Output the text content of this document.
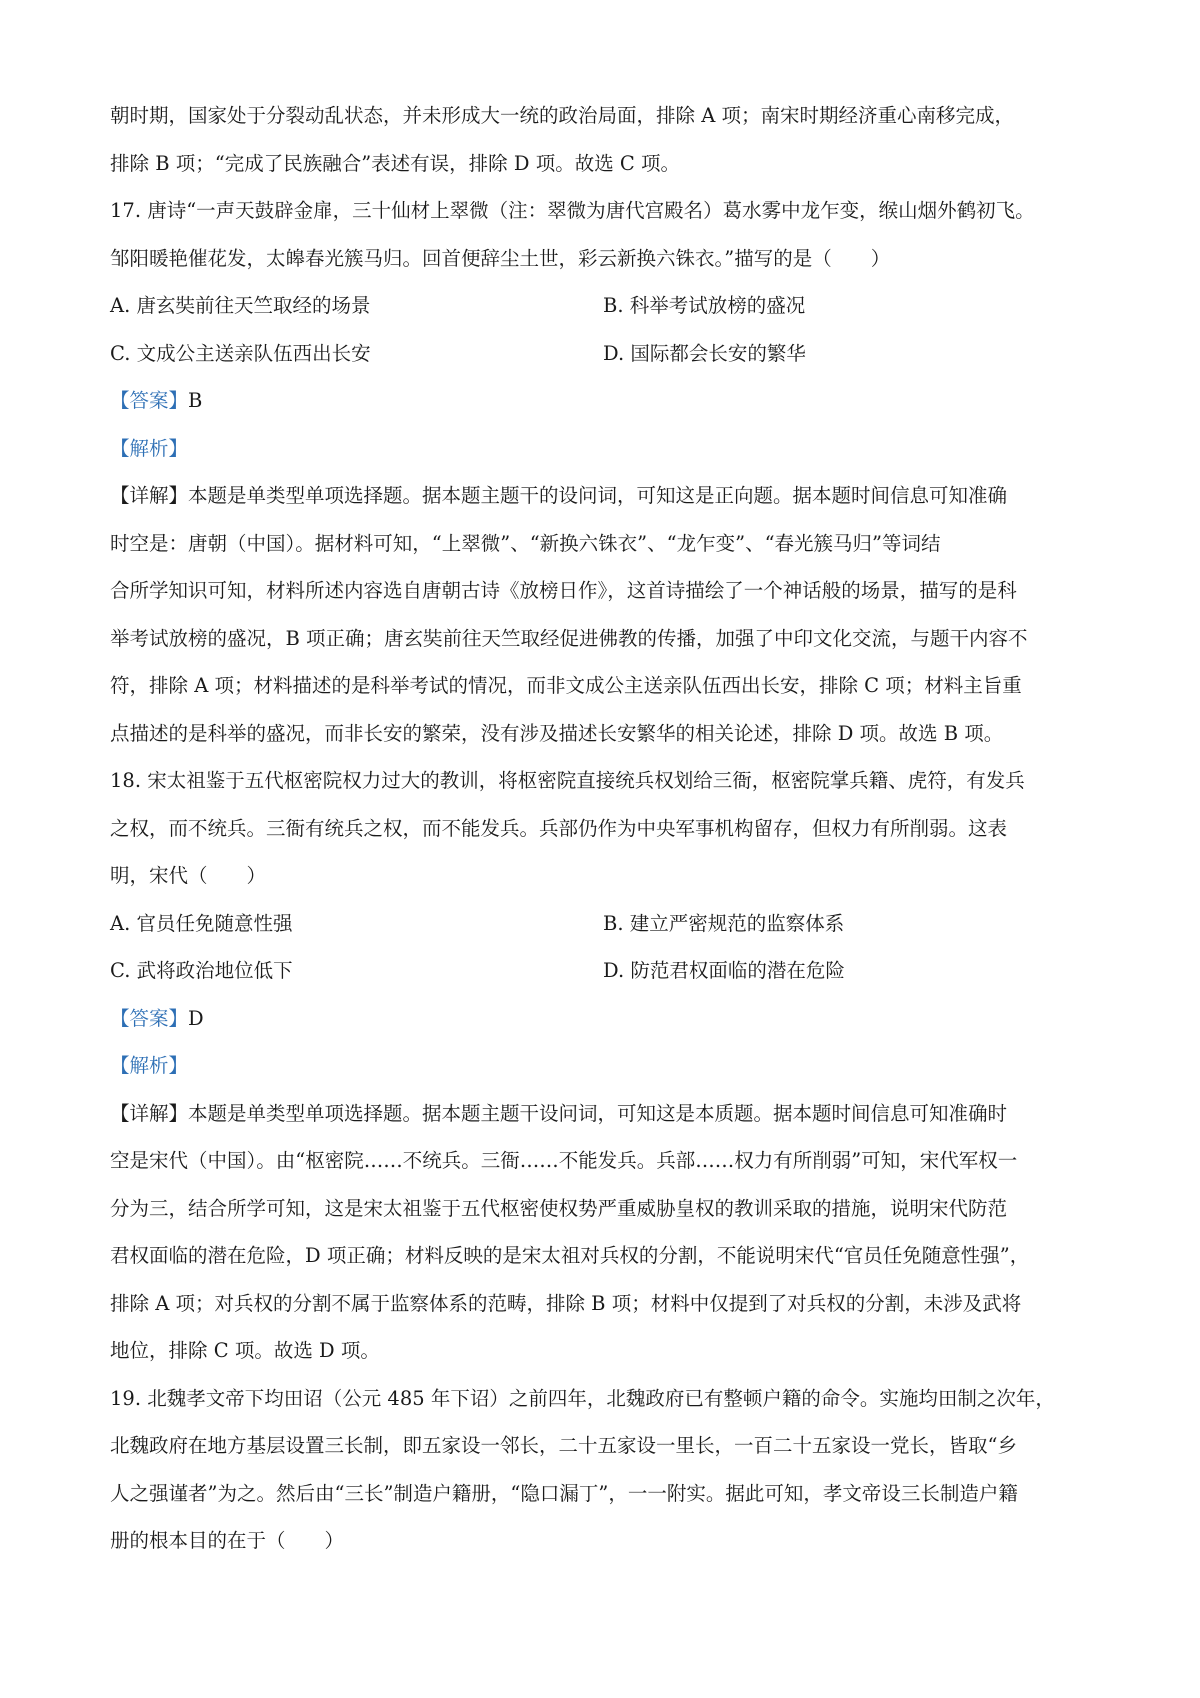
朝时期，国家处于分裂动乱状态，并未形成大一统的政治局面，排除 A 项；南宋时期经济重心南移完成，
排除 B 项；“完成了民族融合”表述有误，排除 D 项。故选 C 项。
17. 唐诗“一声天鼓辟金扉，三十仙材上翠微（注：翠微为唐代宫殿名）葛水雾中龙乍变，缑山烟外鹤初飞。
邹阳暖艳催花发，太皞春光簇马归。回首便辞尘土世，彩云新换六铢衣。”描写的是（　　）
A. 唐玄奘前往天竺取经的场景	B. 科举考试放榜的盛况
C. 文成公主送亲队伍西出长安	D. 国际都会长安的繁华
【答案】B
【解析】
【详解】本题是单类型单项选择题。据本题主题干的设问词，可知这是正向题。据本题时间信息可知准确
时空是：唐朝（中国）。据材料可知，“上翠微”、“新换六铢衣”、“龙乍变”、“春光簇马归”等词结
合所学知识可知，材料所述内容选自唐朝古诗《放榜日作》，这首诗描绘了一个神话般的场景，描写的是科
举考试放榜的盛况，B 项正确；唐玄奘前往天竺取经促进佛教的传播，加强了中印文化交流，与题干内容不
符，排除 A 项；材料描述的是科举考试的情况，而非文成公主送亲队伍西出长安，排除 C 项；材料主旨重
点描述的是科举的盛况，而非长安的繁荣，没有涉及描述长安繁华的相关论述，排除 D 项。故选 B 项。
18. 宋太祖鉴于五代枢密院权力过大的教训，将枢密院直接统兵权划给三衙，枢密院掌兵籍、虎符，有发兵
之权，而不统兵。三衙有统兵之权，而不能发兵。兵部仍作为中央军事机构留存，但权力有所削弱。这表
明，宋代（　　）
A. 官员任免随意性强	B. 建立严密规范的监察体系
C. 武将政治地位低下	D. 防范君权面临的潜在危险
【答案】D
【解析】
【详解】本题是单类型单项选择题。据本题主题干设问词，可知这是本质题。据本题时间信息可知准确时
空是宋代（中国）。由“枢密院……不统兵。三衙……不能发兵。兵部……权力有所削弱”可知，宋代军权一
分为三，结合所学可知，这是宋太祖鉴于五代枢密使权势严重威胁皇权的教训采取的措施，说明宋代防范
君权面临的潜在危险，D 项正确；材料反映的是宋太祖对兵权的分割，不能说明宋代“官员任免随意性强”，
排除 A 项；对兵权的分割不属于监察体系的范畴，排除 B 项；材料中仅提到了对兵权的分割，未涉及武将
地位，排除 C 项。故选 D 项。
19. 北魏孝文帝下均田诏（公元 485 年下诏）之前四年，北魏政府已有整顿户籍的命令。实施均田制之次年，
北魏政府在地方基层设置三长制，即五家设一邻长，二十五家设一里长，一百二十五家设一党长，皆取“乡
人之强谨者”为之。然后由“三长”制造户籍册，“隐口漏丁”，一一附实。据此可知，孝文帝设三长制造户籍
册的根本目的在于（　　）
